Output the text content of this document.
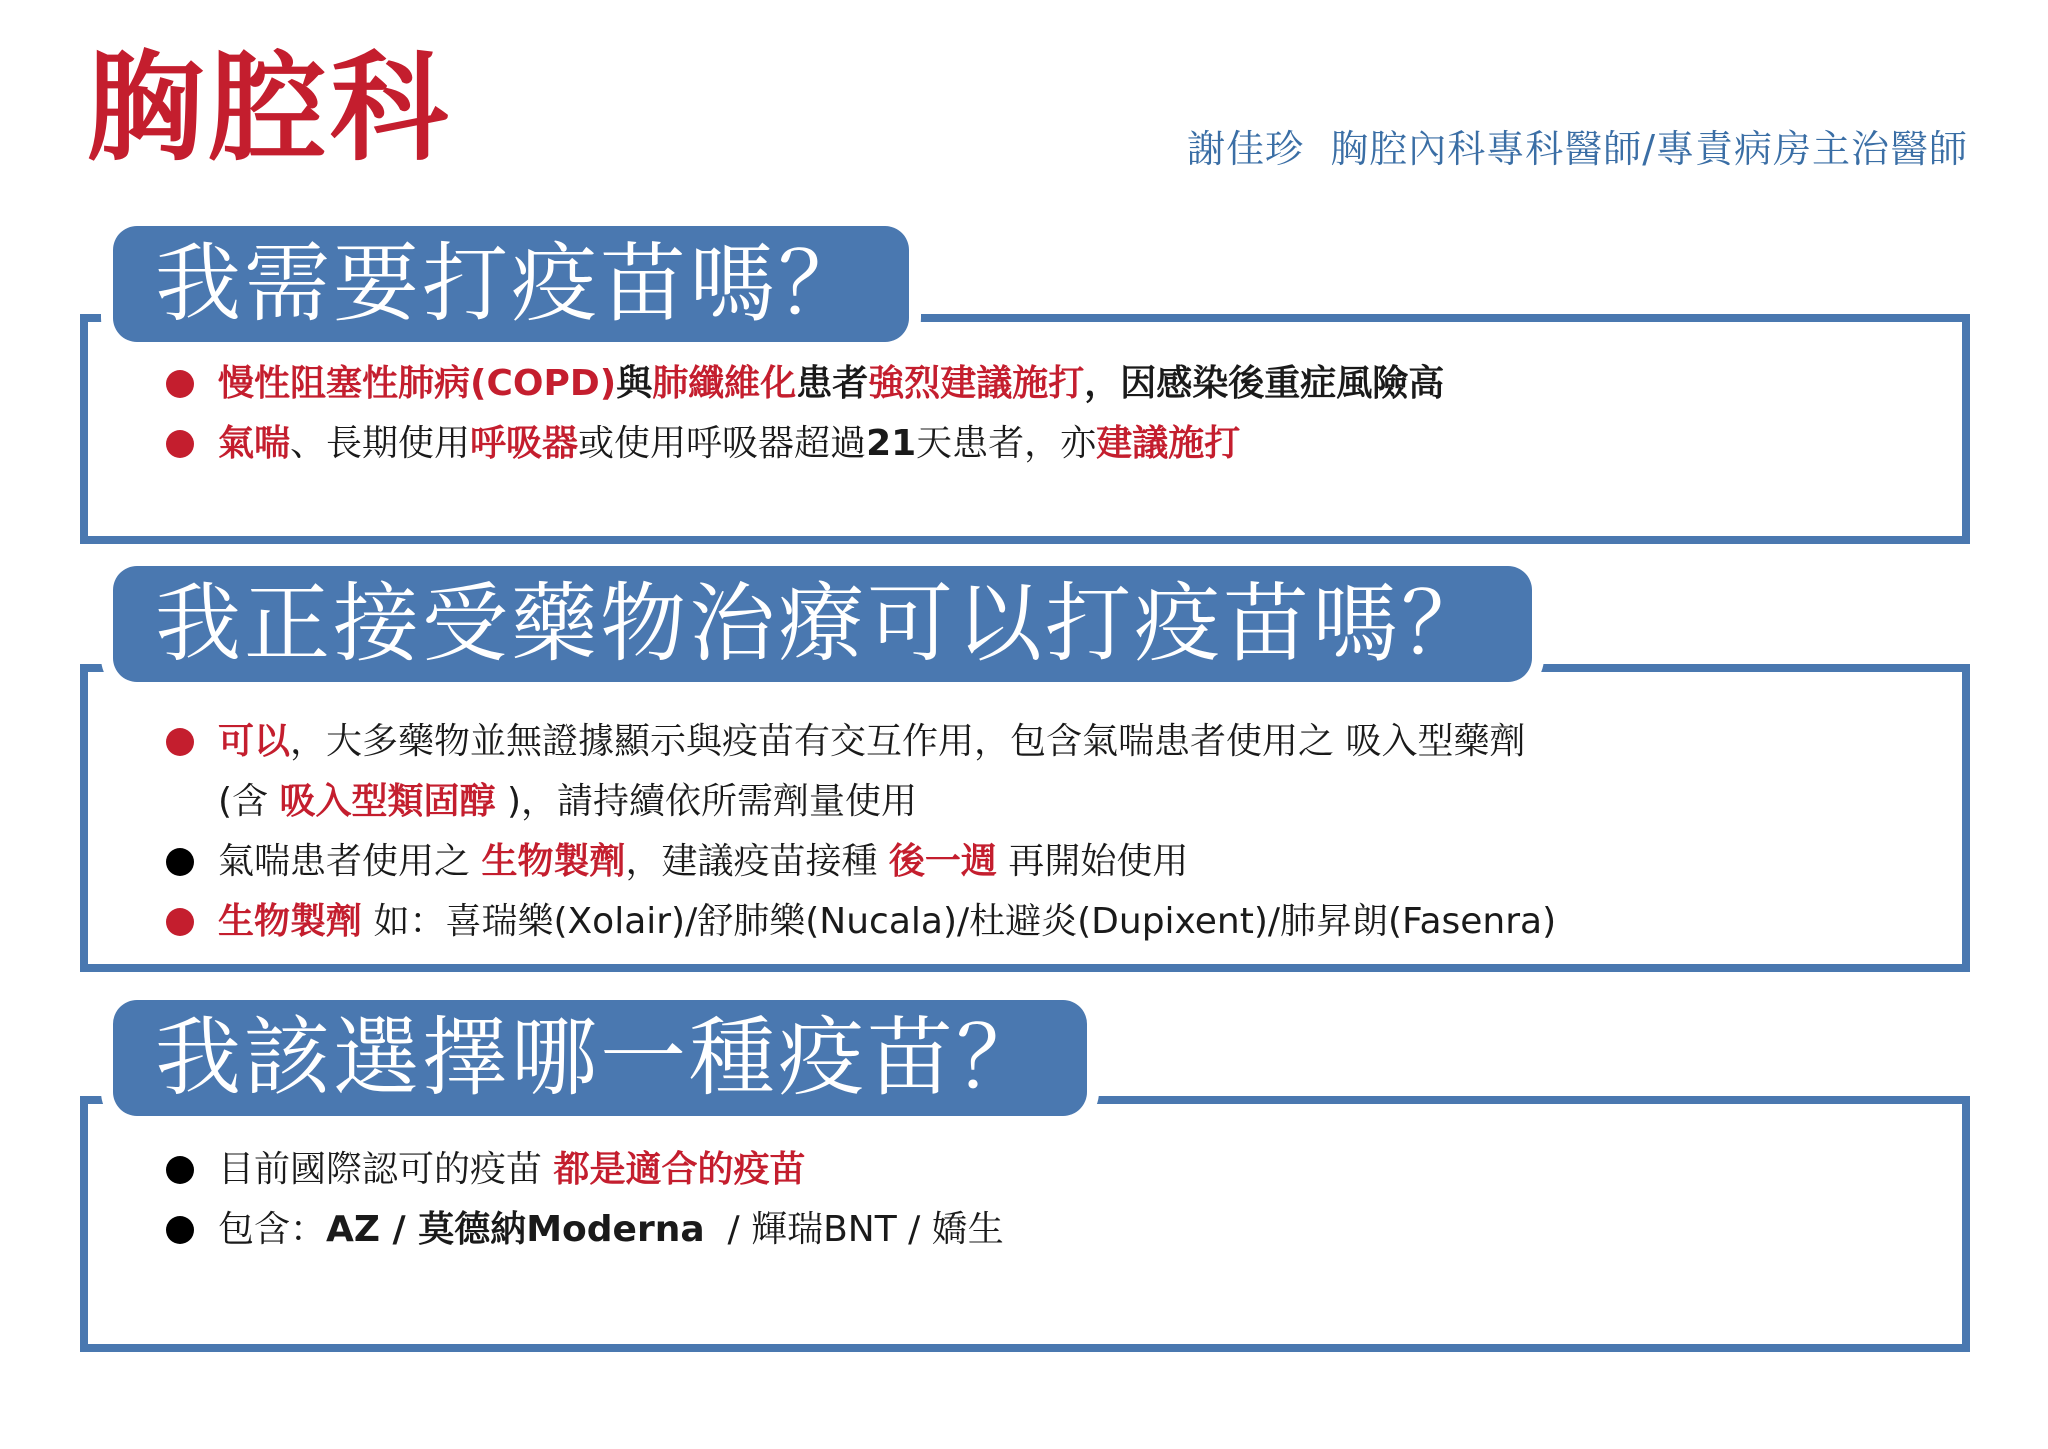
胸腔科	謝佳珍 胸腔內科專科醫師/專責病房主治醫師
我需要打疫苗嗎？
慢性阻塞性肺病(COPD)與肺纖維化患者強烈建議施打，因感染後重症風險高
氣喘、長期使用呼吸器或使用呼吸器超過21天患者，亦建議施打
我正接受藥物治療可以打疫苗嗎？
可以，大多藥物並無證據顯示與疫苗有交互作用，包含氣喘患者使用之 吸入型藥劑
(含 吸入型類固醇 )，請持續依所需劑量使用
氣喘患者使用之 生物製劑，建議疫苗接種 後一週 再開始使用
生物製劑 如：喜瑞樂(Xolair)/舒肺樂(Nucala)/杜避炎(Dupixent)/肺昇朗(Fasenra)
我該選擇哪一種疫苗？
目前國際認可的疫苗 都是適合的疫苗
包含：AZ / 莫德納Moderna  / 輝瑞BNT / 嬌生
